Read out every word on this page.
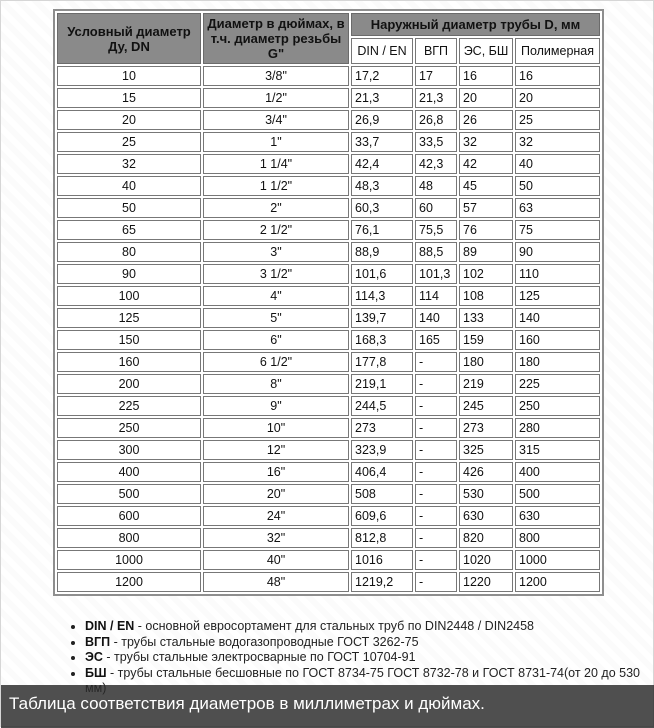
Условный диаметр Ду, DN	Диаметр в дюймах, в т.ч. диаметр резьбы G"	Наружный диаметр трубы D, мм			
		DIN / EN	ВГП	ЭС, БШ	Полимерная
10	3/8"	17,2	17	16	16
15	1/2"	21,3	21,3	20	20
20	3/4"	26,9	26,8	26	25
25	1"	33,7	33,5	32	32
32	1 1/4"	42,4	42,3	42	40
40	1 1/2"	48,3	48	45	50
50	2"	60,3	60	57	63
65	2 1/2"	76,1	75,5	76	75
80	3"	88,9	88,5	89	90
90	3 1/2"	101,6	101,3	102	110
100	4"	114,3	114	108	125
125	5"	139,7	140	133	140
150	6"	168,3	165	159	160
160	6 1/2"	177,8	-	180	180
200	8"	219,1	-	219	225
225	9"	244,5	-	245	250
250	10"	273	-	273	280
300	12"	323,9	-	325	315
400	16"	406,4	-	426	400
500	20"	508	-	530	500
600	24"	609,6	-	630	630
800	32"	812,8	-	820	800
1000	40"	1016	-	1020	1000
1200	48"	1219,2	-	1220	1200
• DIN / EN - основной евросортамент для стальных труб по DIN2448 / DIN2458
• ВГП - трубы стальные водогазопроводные ГОСТ 3262-75
• ЭС - трубы стальные электросварные по ГОСТ 10704-91
• БШ - трубы стальные бесшовные по ГОСТ 8734-75 ГОСТ 8732-78 и ГОСТ 8731-74(от 20 до 530
Таблица соответствия диаметров в миллиметрах и дюймах.
